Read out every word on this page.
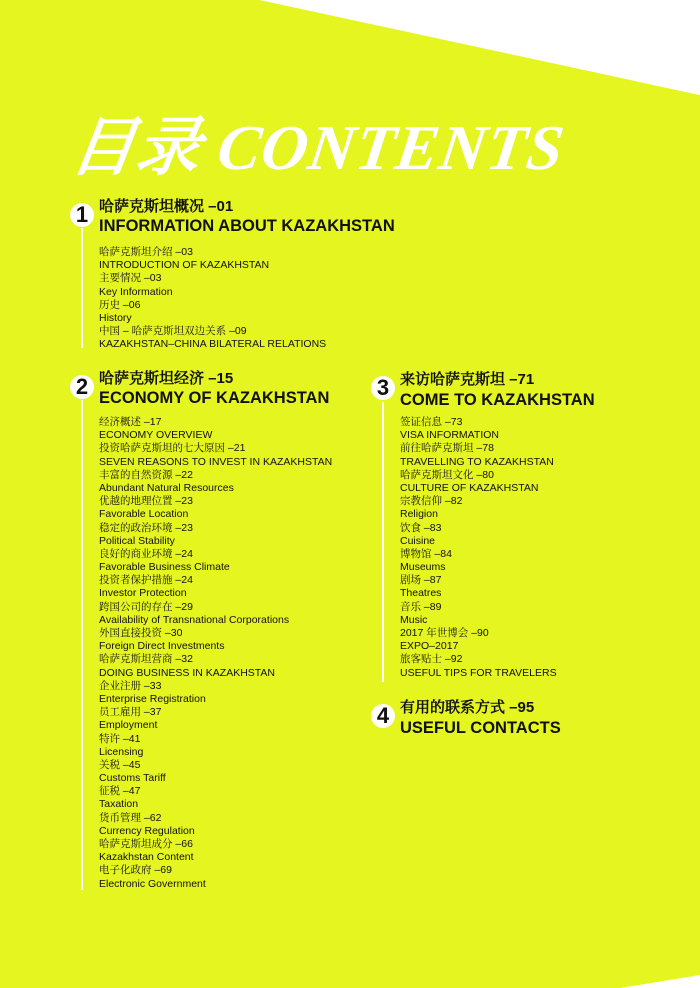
目录 CONTENTS
1 哈萨克斯坦概况 –01
INFORMATION ABOUT KAZAKHSTAN
哈萨克斯坦介绍 –03
INTRODUCTION OF KAZAKHSTAN
主要情况 –03
Key Information
历史 –06
History
中国 – 哈萨克斯坦双边关系 –09
KAZAKHSTAN–CHINA BILATERAL RELATIONS
2 哈萨克斯坦经济 –15
ECONOMY OF KAZAKHSTAN
经济概述 –17
ECONOMY OVERVIEW
投资哈萨克斯坦的七大原因 –21
SEVEN REASONS TO INVEST IN KAZAKHSTAN
丰富的自然资源 –22
Abundant Natural Resources
优越的地理位置 –23
Favorable Location
稳定的政治环境 –23
Political Stability
良好的商业环境 –24
Favorable Business Climate
投资者保护措施 –24
Investor Protection
跨国公司的存在 –29
Availability of Transnational Corporations
外国直接投资 –30
Foreign Direct Investments
哈萨克斯坦营商 –32
DOING BUSINESS IN KAZAKHSTAN
企业注册 –33
Enterprise Registration
员工雇用 –37
Employment
特许 –41
Licensing
关税 –45
Customs Tariff
征税 –47
Taxation
货币管理 –62
Currency Regulation
哈萨克斯坦成分 –66
Kazakhstan Content
电子化政府 –69
Electronic Government
3 来访哈萨克斯坦 –71
COME TO KAZAKHSTAN
签证信息 –73
VISA INFORMATION
前往哈萨克斯坦 –78
TRAVELLING TO KAZAKHSTAN
哈萨克斯坦文化 –80
CULTURE OF KAZAKHSTAN
宗教信仰 –82
Religion
饮食 –83
Cuisine
博物馆 –84
Museums
剧场 –87
Theatres
音乐 –89
Music
2017 年世博会 –90
EXPO–2017
旅客贴士 –92
USEFUL TIPS FOR TRAVELERS
4 有用的联系方式 –95
USEFUL CONTACTS
